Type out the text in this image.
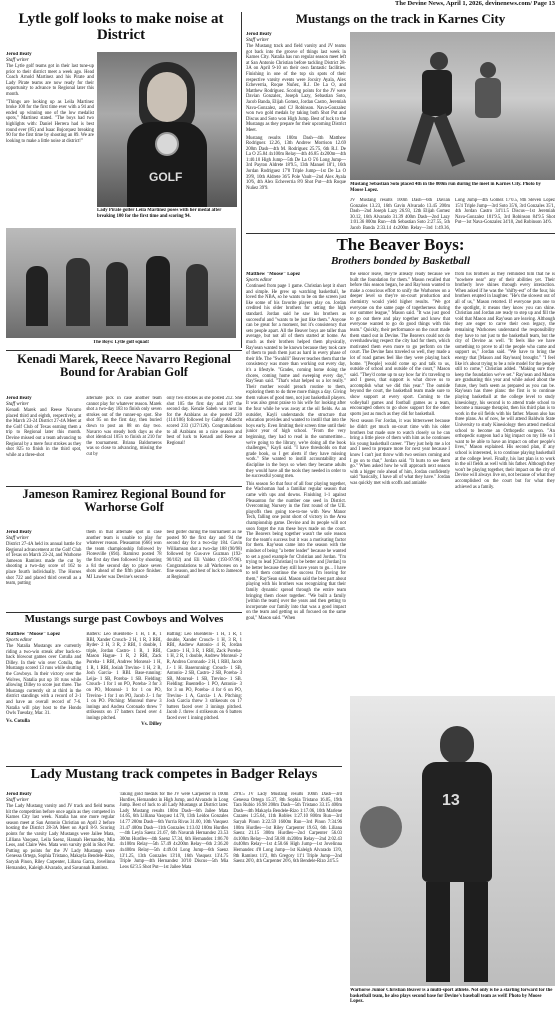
The Devine News, April 1, 2026, devinenews.com/ Page 13
Lytle golf looks to make noise at District
Jerod Beaty
Staff writer

The Lytle golf teams got in their last tune-up prior to their district meet a week ago. Head Coach Arnold Martinez and his Pirate and Lady Pirate teams are now ready for their opportunity to advance to Regional later this month.

"Things are looking up as Leila Martinez broke 100 for the first time ever with a 94 and ended up winning one of the low medalist spots," Martinez stated. "The boys had two highlights with: Daniel Herrera had is best round ever (85) and Isaac Bojorquez breaking 90 for the first time by shooting an 89. We are looking to make a little noise at district!"

GOLF
Lady Pirate golfer Leila Martinez poses with her medal after breaking 100 for the first time and scoring 94.
The Boys: Lytle golf squad!
Mustangs on the track in Karnes City
Jerod Beaty
Staff writer

The Mustang track and field varsity and JV teams got back into the groove of things last week in Karnes City. Natalia has run regular season meet left at San Antonio Christian before tackling District 28-3A on April 9-10 on their own fantastic facilities. Finishing in one of the top six spots of their respective varsity events were Jocsiry Ayala, Alex Echeverria, Roque Nuñez, R.J. De La O, and Matthew Rodriguez. Scoring points for the JV were Davian Gonzalez, Joseph Lazy, Sebastian Soto, Jacob Banda, Elijah Gomez, Jordan Castro, Jeremiah Nava-Gonzalez, and CJ Robinson. Nava-Gonzalez won two gold medals by taking both Shot Put and Discus and Soto won High Jump. Best of luck to the Mustangs as they prepare for their upcoming District Meet.

Mustang results 100m Dash—4th Matthew Rodriguez 12.26, 13th Andrew Morrison 12.69 200m Dash—4th M. Rodriguez 25.75, 6th R.J. De La O 25.84 4x100m Relay—4th 46.85 4x200m—4th 1:40.10 High Jump—5th De La O 5'6 Long Jump—3rd Payton Aldrete 18'9.5, 13th Manuel 18'1, 16th Jordan Rodriguez 17'8 Triple Jump—1st De La O 39'8, 10th Aldrete 36'5 Pole Vault—2nd Alex Ayala 10'6, 4th Alex Echeverria 8'0 Shot Put—4th Roque Nuñez 39'9.

Mustang Sebastian Soto placed 4th in the 800m run during the meet in Karnes City. Photo by Moose Lopez.
JV Mustang results 100m Dash—6th Davian Gonzales 13.23, 16th Gavin Alvarado 13.45 200m Dash—2nd Joseph Lazy 26.93, 12th Elijah Gomez 30.12, 16th Alvarado 31.39 400m Dash—2nd Lazy 1:01.36 800m Run—4th Sebastian Soto 2:27.55, 5th Jacob Banda 2:33.14 4x200m Relay—3rd 1:49.36,
Long Jump—4th Gomez 17'0.5, 8th Steven Lopez 15'4 Triple Jump—3rd Soto 35'6, 3rd Gonzales 35'1, 4th Jordan Castro 34'11.5 Discus—1st Jeremiah Nava-Gonzalez 101'9.5, 3rd Robinson 84'9.5 Shot Put—1st Nava-Gonzalez 34'10, 2nd Robinson 34'6.
The Beaver Boys:
Brothers bonded by Basketball
Matthew "Moose" Lopez
Sports editor

Continued from page 1 game. Christian kept it short and simple. He grew up watching basketball, he loved the NBA, so he wants to be on the screen just like some of his favorite players play on. Jordan credited his older brothers for setting the high standard. Jordan said he saw his brothers as successful and "wants to be just like them." Anyone can be great for a moment, but it's consistency that sets people apart. All the Beaver boys are taller than average, but not all of them started at home. As much as their brothers helped them physically, Ray'sean wanted to be known because they took care of them to push them just as hard in every phase of their life. The "Swahili" Beaver teaches them that the consistency was more than working out every day, it's a lifestyle. "Grades, coming home doing the chores, coming home and sweeping every day," Ray'Sean said. "That's what helped us a lot really." Their mother would preach routine to them, exploring them to do three more things a day. Giving them values of good men, not just basketball players. It was also great praise to his wife for looking after the four while he was away at the oil fields. As an outsider, Kayli understands the structure that education provides and wanted to instill that into the boys early. Even limiting their screen time until their junior year of high school. "From the very beginning, they had to read in the summertime... we're going to the library, we're doing all the book challenges," Kayli said. "I have thresholds on that grade book, so I get alerts if they have missing work." She wanted to instill accountability and discipline in the boys so when they became adults they would have all the tools they needed in order to be successful young men.

This season So that four of all four playing together, the Wachoman had a familiar regular season that came with ups and downs. Finishing 1-1 against Pleasanton for the number one seed in District. Overcoming Nursery in the first round of the UIL playoffs then going toe-to-toe with New Manor Tech, falling one point short of victory in the Area championship game. Devine and its people will not soon forget the run these boys made on the court. The Beavers being together wasn't the sole reason for the team's success but it was a motivating factor for them. Ray'sean came into the season with the mindset of being "a better leader" because he wanted to set a good example for Christian and Jordan. "I'm trying to lead [Christian] to be better and [Jordan] to be better because they still have years to go... I have to tell them continue the success I'm leaving for them," Ray'Sean said. Mason said the best part about playing with his brothers was recognizing that their family dynamic spread through the entire team bringing them closer together. "We built a family [within the team] over the years and then getting to incorporate our family into that was a good impact on the team and getting us all focused on the same goal," Mason said. "When

the senior leave, they're already ready because we built the foundation for them." Mason recalled that before this season began, he and Ray'sean wanted to make a conscious effort to unify the Warhorses on a deeper level so they're on-court production and chemistry would yield higher results. "We got everyone on the same page of togetherness during our summer league," Mason said. "It was just good to go out there and play together and know that everyone wanted to go do good things with this team." Quickly, their performance on the court made them stand out in Devine. The Beavers could not do overshadowing respect the city had for them, which motivated them even more to go perform on the court. The Devine fans traveled so well, they made a lot of road games feel like they were playing back home. "[People] would come up and talk to us, outside of school and outside of the court," Mason said. "They'd come up to say how far it's traveling to and I guess, that support is what drove us to accomplish what we did this year." The outside beyond the court, the basketball team made sure to show support at every sport. Coming to the volleyball games and football games as a team, encouraged others to go show support for the other sports just as much as they did for basketball.

Next season For Jordan, it was bittersweet because he didn't get much on-court time with his older brothers but made sure to watch closely so he can bring a little piece of them with him as he continues his young basketball career. "They just help me a lot and I need to prepare more for next year because I know I can't just throw with two seniors coming and I go on to that," Jordan said. "It hurts to see them go." When asked how he will approach next season with a bigger role ahead of him, Jordan confidently said "basically, I have all of what they have." Jordan was quickly met with scoffs and amiable

from his brothers as they reminded him that he is "nowhere near" any of their abilities yet. Their brotherly love shines through every interaction. When asked if he was the "shifty-est" of the four, his brothers erupted in laughter. "He's the slowest out of all of us," Mason retorted. If everyone puts one to the spotlight, it means they know you can shine. Christian and Jordan are ready to step up and fill the void that Mason and Ray'sean are leaving. Although they are eager to carve their own legacy, the remaining Warhorses understand the responsibility they have to not just to the basketball team, but the city of Devine as well. "It feels like we have something to prove to all the people who came and support us," Jordan said. "We have to bring the energy that [Mason and Ray'sean] brought." "I feel like it's about trying to be a role model for the people still to come," Christian added. "Making sure they keep the foundation we've set." Ray'sean and Mason are graduating this year and while asked about the future, they both seem as prepared as you can be. Ray'sean has three plans: the first is to continue playing basketball at the college level to study kinesiology, his second is to attend trade school to become a massage therapist, then his third plan is to work in the oil fields with his father. Mason also has three plans. As of now, he will attend Baldwin State University to study Kinesiology then attend medical school to become an Orthopedic surgeon. "An orthopedic surgeon had a big impact on my life so I want to be able to have an impact on other people's lives," Mason explained. His second plan, if any school is interested, is to continue playing basketball at the college level. Finally, his last plan is to work in the oil fields as well with his father. Although they won't be playing together, their impact on the city of Devine will always live on, not because of what they accomplished on the court but for what they achieved as a family.
13
Warhorse Junior Christian Beaver is a multi-sport athlete. Not only is he a starting forward for the basketball team, he also plays second base for Devine's baseball team as well! Photo by Moose Lopez.
Kenadi Marek, Reece Navarro Regional Bound for Arabian Golf
Jerod Beaty
Staff writer
Kenadi Marek and Reese Navarro placed third and eighth, respectively, at the March 23-24 District 27-4A Meet at the Golf Club of Texas earning them a trip to Regional later this month. Devine missed out a team advancing to Regional by a mere four strokes as they shot 825 to finish in the third spot, while at a three-shot
alternate pick in case another team cannot play for whatever reason. Marek shot a two-day 183 to finish only seven strokes out of the runner-up spot. She shot 95 on the first day, then buried down to post an 88 on day two. Navarro was steady both days as she shot identical 105's to finish at 210 for the tournament. Briana Baldomeros was so close to advancing, missing the cut by
only two strokes as she posted 212. She shot 105 the first day and 107 the second day. Kenzie Sabeh was next in for the Arabians as she posted 220 (114/106) followed by Gabby Albrecht scored 233 (127/126). Congratulations to all Arabians on a nice season and best of luck to Kenadi and Reese at Regional!
Jameson Ramirez Regional Bound for Warhorse Golf
Jerod Beaty
Staff writer
District 27-4A held its annual battle for Regional advancement at the Golf Club of Texas on March 23-24, and Warhorse Jameson Ramirez made the cut by shooting a two-day score of 162 to place fourth individually. The Horses shot 722 and placed third overall as a team, putting
them in that alternate spot in case another team is unable to play for whatever reason. Pleasanton (666) won the team championship followed by Floresville (694). Ramirez posted 78 the first day then followed by shooting a 84 the second day to place seven shots ahead of the fifth place finisher. MJ Lawler was Devine's second-
best golfer during the tournament as he posted 90 the first day and 94 the second day for a two-day 184. Gavin Williamson shot a two-day 188 (90/98) followed by Gus-ave Guzman (192-90/102) and Eli Valdez (193-97/96). Congratulations to all Warhorses on a fine season, and best of luck to Jameson at Regional!
Mustangs surge past Cowboys and Wolves
Matthew "Moose" Lopez
Sports editor
The Natalia Mustangs are currently riding a two-win streak after back-to-back blowout games over Cotulla and Dilley. In their win over Cotulla, the Mustangs scored 13 runs while shutting the Cowboys. In their victory over the Wolves, Natalia put up 18 runs while allowing Dilley to score just three. The Mustangs currently sit at third in the district standings with a record of 2-1 and have an overall record of 7-6. Natalia will play host to the Hondo Owls Tuesday, Mar. 31.
Vs. Cotulla
Batters: Leo Buentello- 1 H, 1 R, 1 RBI, Xander Crouch- 2 H, 1 R, 3 RBI, Ryder- 2 H, 3 R, 2 RBI, 1 double, 1 triple, Jordan Castro- 1 R, 1 RBI, Mason Hague- 1 R, 2 RBI, Zack Poreba- 1 RBI, Andrew Monreal- 1 H, 1 R, 1 RBI, Josiah Trevino- 1 H, 2 R, Josh Garcia- 1 RBI. Base-running: Leija- 1 SB, Poreba- 1 SB. Fielding: Crouch- 1 for 1 on PO, Poreba- 3 for 3 on PO, Monreal- 1 for 1 on PO, Trevino- 1 for 1 on PO, Jacob J.- 1 for 1 on PO. Pitching: Monreal threw 3 innings and Andrea Coronado threw 7 strikeouts on 17 batters faced over 4 innings pitched.
Vs. Dilley
Batting: Leo Buentello- 1 H, 1 R, 1 double, Xander Crouch- 1 H, 3 R, 1 RBI, Andrew Antonio- 4 R, Jordan Castro- 1 H, 3 R, 1 RBI, Zack Poreba- 1 H, 2 R, 1 double, Andrew Monreal- 2 R, Andrea Coronado- 2 H, 1 RBI, Jacob J.- 1 H. Baserunning: Crouch- 1 SB, Antonio- 2 SB, Castro- 2 SB, Poreba- 3 SB, Monreal- 1 SB, Trevino- 1 SB. Fielding: Buentello- 1 PO, Antonio- 3 for 3 on PO, Poreba- 4 for 6 on PO, Trevino- 1 A, Garcia- 1 A. Pitching: Josh Garcia threw 3 strikeouts on 17 batters faced over 3 innings pitched. Jacob J. threw 4 strikeouts on 6 batters faced over 1 inning pitched.
Lady Mustang track competes in Badger Relays
Jerod Beaty
Staff writer
The Lady Mustang varsity and JV track and field teams hit the competition before once again as they competed in Karnes City last week. Natalia has one more regular season meet at San Antonio Christian on April 2 before hosting the District 28-3A Meet on April 8-9. Scoring points for the varsity Lady Mustangs were Jailee Mata, Lilliana Vasquez, Leila Saenz, Hannah Hernandez, Mia Leos, and Claire Wes. Mata won varsity gold in Shot Put. Putting up points for the JV Lady Mustangs were Genessa Ortega, Sophia Tristano, Makayla Bendele-Rizo, Saryah Pinon, Riley Carpenter, Liliana Garza, Jovelinna Hernandez, Kaleigh Alvarado, and Savannah Ramirez.
Taking gold medals for the JV were Carpenter in 100m Hurdles, Hernandez in High Jump, and Alvarado in Long Jump. Best of luck to all Lady Mustangs at District later. Lady Mustang results 100m Dash—6th Jailee Mata 14.65, 6th Lilliana Vasquez 14.70, 13th Leidos Gonzales 14.77 200m Dash—6th Yurria Rivas 31.00, 10th Vasquez 31.47 400m Dash—11th Gonzales 1:13.02 100m Hurdles—4th Leyla Saenz 21.67, 6th Navarah Hernandez 23.53 300m Hurdles—4th Saenz 57.34, 6th Hernandez 1:06.70 4x100m Relay—5th 57.49 4x200m Relay—6th 2:36.20 4x400m Relay—5th 4:49.04 Long Jump—6th Saenz 13'1.25, 13th Gonzales 13'10, 16th Vasquez 13'4.75 Triple Jump—4th Hernandez 30'10 Discus—5th Mia Leos 62'3.5 Shot Put—1st Jailee Mata
29'8.5 JV Lady Mustang results 100m Dash—3rd Genessa Ortega 15.37, 8th Sophia Tristano 16.05, 19th Tara Rubio 16.98 200m Dash—5th Tristano 33.15 400m Dash—4th Makayla Bendele-Rizo 1:17.06, 10th Marlene Cazares 1:25.64, 11th Robles 1:27.10 800m Run—3rd Saryah Pinon 3:22.59 1600m Run—3rd Pinon 7:34.96 100m Hurdles—1st Riley Carpenter 19.63, 6th Liliana Saenz 21.15 300m Hurdles—2nd Carpenter 56.03 4x100m Relay—2nd 58.80 4x200m Relay—2nd 2:02.43 4x400m Relay—1st 4:50.66 High Jump—1st Jovelinna Hernandez 4'8 Long Jump—1st Kaleigh Alvarado 13'0, 8th Ramirez 11'2, 8th Gregory 11'1 Triple Jump—2nd Saenz 26'0, 4th Carpenter 26'6, 6th Bendele-Rizo 24'5.5
